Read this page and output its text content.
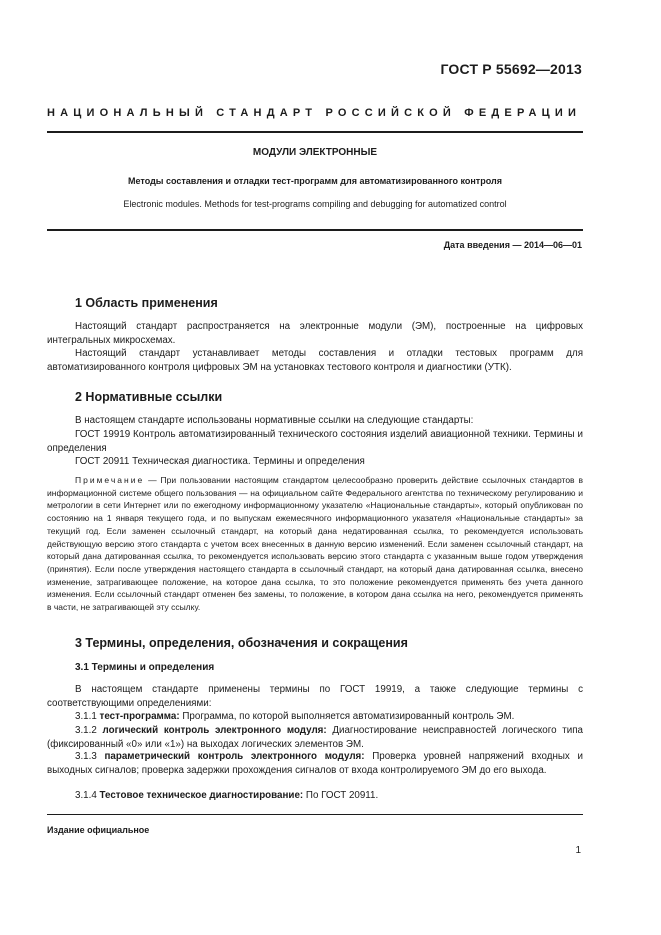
ГОСТ Р 55692—2013
НАЦИОНАЛЬНЫЙ СТАНДАРТ РОССИЙСКОЙ ФЕДЕРАЦИИ
МОДУЛИ ЭЛЕКТРОННЫЕ
Методы составления и отладки тест-программ для автоматизированного контроля
Electronic modules. Methods for test-programs compiling and debugging for automatized control
Дата введения — 2014—06—01
1 Область применения
Настоящий стандарт распространяется на электронные модули (ЭМ), построенные на цифровых интегральных микросхемах.
Настоящий стандарт устанавливает методы составления и отладки тестовых программ для автоматизированного контроля цифровых ЭМ на установках тестового контроля и диагностики (УТК).
2 Нормативные ссылки
В настоящем стандарте использованы нормативные ссылки на следующие стандарты:
ГОСТ 19919 Контроль автоматизированный технического состояния изделий авиационной техники. Термины и определения
ГОСТ 20911 Техническая диагностика. Термины и определения
Примечание — При пользовании настоящим стандартом целесообразно проверить действие ссылочных стандартов в информационной системе общего пользования — на официальном сайте Федерального агентства по техническому регулированию и метрологии в сети Интернет или по ежегодному информационному указателю «Национальные стандарты», который опубликован по состоянию на 1 января текущего года, и по выпускам ежемесячного информационного указателя «Национальные стандарты» за текущий год. Если заменен ссылочный стандарт, на который дана недатированная ссылка, то рекомендуется использовать действующую версию этого стандарта с учетом всех внесенных в данную версию изменений. Если заменен ссылочный стандарт, на который дана датированная ссылка, то рекомендуется использовать версию этого стандарта с указанным выше годом утверждения (принятия). Если после утверждения настоящего стандарта в ссылочный стандарт, на который дана датированная ссылка, внесено изменение, затрагивающее положение, на которое дана ссылка, то это положение рекомендуется применять без учета данного изменения. Если ссылочный стандарт отменен без замены, то положение, в котором дана ссылка на него, рекомендуется применять в части, не затрагивающей эту ссылку.
3 Термины, определения, обозначения и сокращения
3.1 Термины и определения
В настоящем стандарте применены термины по ГОСТ 19919, а также следующие термины с соответствующими определениями:
3.1.1 тест-программа: Программа, по которой выполняется автоматизированный контроль ЭМ.
3.1.2 логический контроль электронного модуля: Диагностирование неисправностей логического типа (фиксированный «0» или «1») на выходах логических элементов ЭМ.
3.1.3 параметрический контроль электронного модуля: Проверка уровней напряжений входных и выходных сигналов; проверка задержки прохождения сигналов от входа контролируемого ЭМ до его выхода.
3.1.4 Тестовое техническое диагностирование: По ГОСТ 20911.
Издание официальное
1
